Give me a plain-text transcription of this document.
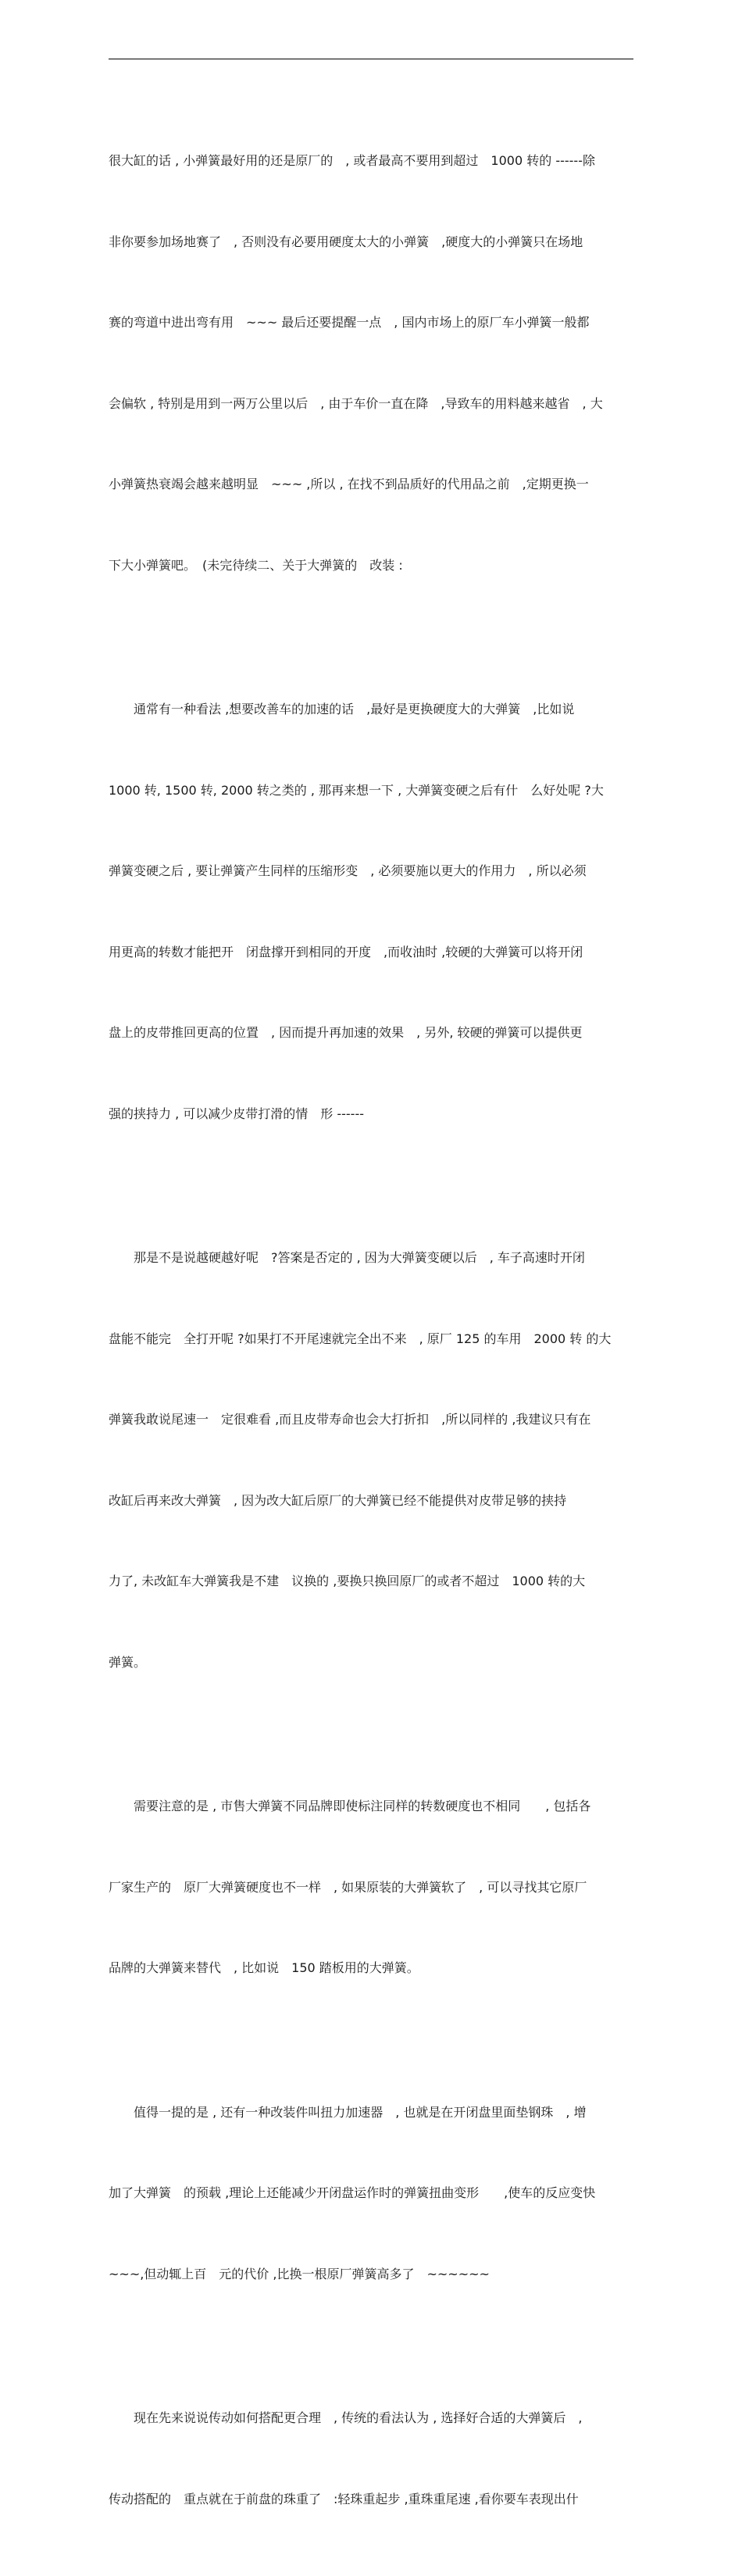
很大缸的话 , 小弹簧最好用的还是原厂的　, 或者最高不要用到超过　1000 转的 ------除

非你要参加场地赛了　, 否则没有必要用硬度太大的小弹簧　,硬度大的小弹簧只在场地

赛的弯道中进出弯有用　~~~ 最后还要提醒一点　, 国内市场上的原厂车小弹簧一般都

会偏软 , 特别是用到一两万公里以后　, 由于车价一直在降　,导致车的用料越来越省　, 大

小弹簧热衰竭会越来越明显　~~~ ,所以 , 在找不到品质好的代用品之前　,定期更换一

下大小弹簧吧。　(未完待续二、关于大弹簧的　改装 :

　　通常有一种看法 ,想要改善车的加速的话　,最好是更换硬度大的大弹簧　,比如说

1000 转, 1500 转, 2000 转之类的 , 那再来想一下 , 大弹簧变硬之后有什　么好处呢 ?大

弹簧变硬之后 , 要让弹簧产生同样的压缩形变　, 必须要施以更大的作用力　, 所以必须

用更高的转数才能把开　闭盘撑开到相同的开度　,而收油时 ,较硬的大弹簧可以将开闭

盘上的皮带推回更高的位置　, 因而提升再加速的效果　, 另外, 较硬的弹簧可以提供更

强的挟持力 , 可以减少皮带打滑的情　形 ------

　　那是不是说越硬越好呢　?答案是否定的 , 因为大弹簧变硬以后　, 车子高速时开闭

盘能不能完　全打开呢 ?如果打不开尾速就完全出不来　, 原厂 125 的车用　2000 转 的大

弹簧我敢说尾速一　定很难看 ,而且皮带寿命也会大打折扣　,所以同样的 ,我建议只有在

改缸后再来改大弹簧　, 因为改大缸后原厂的大弹簧已经不能提供对皮带足够的挟持

力了, 未改缸车大弹簧我是不建　议换的 ,要换只换回原厂的或者不超过　1000 转的大

弹簧。

　　需要注意的是 , 市售大弹簧不同品牌即使标注同样的转数硬度也不相同　　, 包括各

厂家生产的　原厂大弹簧硬度也不一样　, 如果原装的大弹簧软了　, 可以寻找其它原厂

品牌的大弹簧来替代　, 比如说　150 踏板用的大弹簧。

　　值得一提的是 , 还有一种改装件叫扭力加速器　, 也就是在开闭盘里面垫钢珠　, 增

加了大弹簧　的预载 ,理论上还能减少开闭盘运作时的弹簧扭曲变形　　,使车的反应变快

~~~,但动辄上百　元的代价 ,比换一根原厂弹簧高多了　~~~~~~

　　现在先来说说传动如何搭配更合理　, 传统的看法认为 , 选择好合适的大弹簧后　,

传动搭配的　重点就在于前盘的珠重了　:轻珠重起步 ,重珠重尾速 ,看你要车表现出什
